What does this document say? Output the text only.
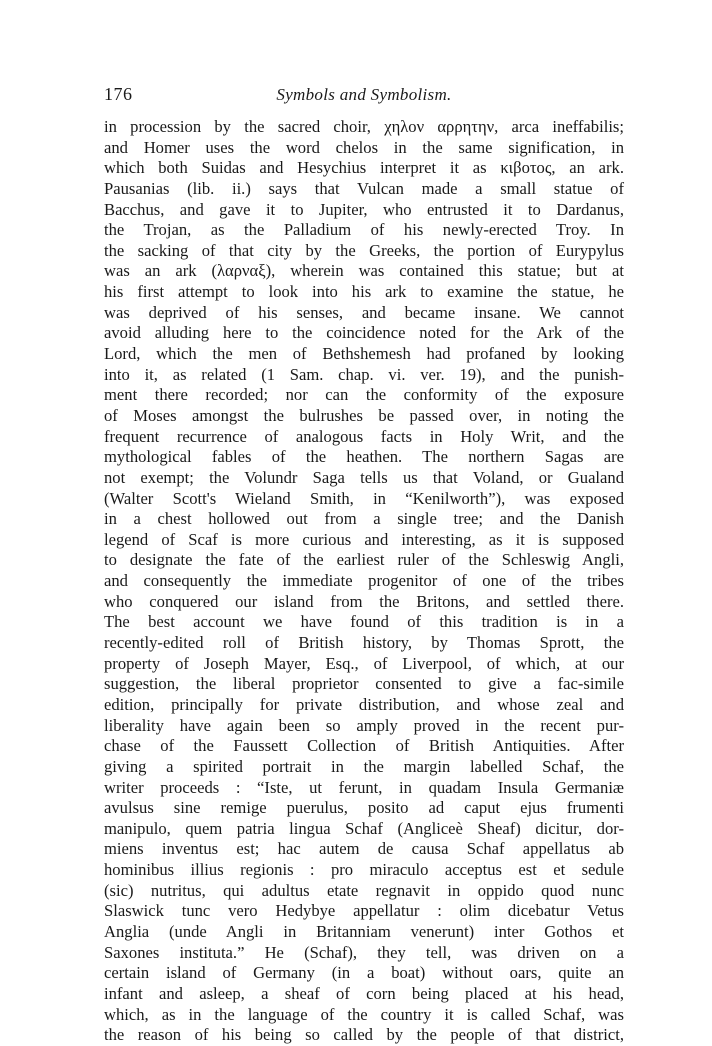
176	Symbols and Symbolism.
in procession by the sacred choir, χηλον αρρητην, arca ineffabilis;
and Homer uses the word chelos in the same signification, in
which both Suidas and Hesychius interpret it as κιβοτος, an ark.
Pausanias (lib. ii.) says that Vulcan made a small statue of
Bacchus, and gave it to Jupiter, who entrusted it to Dardanus,
the Trojan, as the Palladium of his newly-erected Troy. In
the sacking of that city by the Greeks, the portion of Eurypylus
was an ark (λαρναξ), wherein was contained this statue; but at
his first attempt to look into his ark to examine the statue, he
was deprived of his senses, and became insane. We cannot
avoid alluding here to the coincidence noted for the Ark of the
Lord, which the men of Bethshemesh had profaned by looking
into it, as related (1 Sam. chap. vi. ver. 19), and the punish-
ment there recorded; nor can the conformity of the exposure
of Moses amongst the bulrushes be passed over, in noting the
frequent recurrence of analogous facts in Holy Writ, and the
mythological fables of the heathen. The northern Sagas are
not exempt; the Volundr Saga tells us that Voland, or Gualand
(Walter Scott's Wieland Smith, in “Kenilworth”), was exposed
in a chest hollowed out from a single tree; and the Danish
legend of Scaf is more curious and interesting, as it is supposed
to designate the fate of the earliest ruler of the Schleswig Angli,
and consequently the immediate progenitor of one of the tribes
who conquered our island from the Britons, and settled there.
The best account we have found of this tradition is in a
recently-edited roll of British history, by Thomas Sprott, the
property of Joseph Mayer, Esq., of Liverpool, of which, at our
suggestion, the liberal proprietor consented to give a fac-simile
edition, principally for private distribution, and whose zeal and
liberality have again been so amply proved in the recent pur-
chase of the Faussett Collection of British Antiquities. After
giving a spirited portrait in the margin labelled Schaf, the
writer proceeds : “Iste, ut ferunt, in quadam Insula Germaniæ
avulsus sine remige puerulus, posito ad caput ejus frumenti
manipulo, quem patria lingua Schaf (Angliceè Sheaf) dicitur, dor-
miens inventus est; hac autem de causa Schaf appellatus ab
hominibus illius regionis : pro miraculo acceptus est et sedule
(sic) nutritus, qui adultus etate regnavit in oppido quod nunc
Slaswick tunc vero Hedybye appellatur : olim dicebatur Vetus
Anglia (unde Angli in Britanniam venerunt) inter Gothos et
Saxones instituta.” He (Schaf), they tell, was driven on a
certain island of Germany (in a boat) without oars, quite an
infant and asleep, a sheaf of corn being placed at his head,
which, as in the language of the country it is called Schaf, was
the reason of his being so called by the people of that district,
